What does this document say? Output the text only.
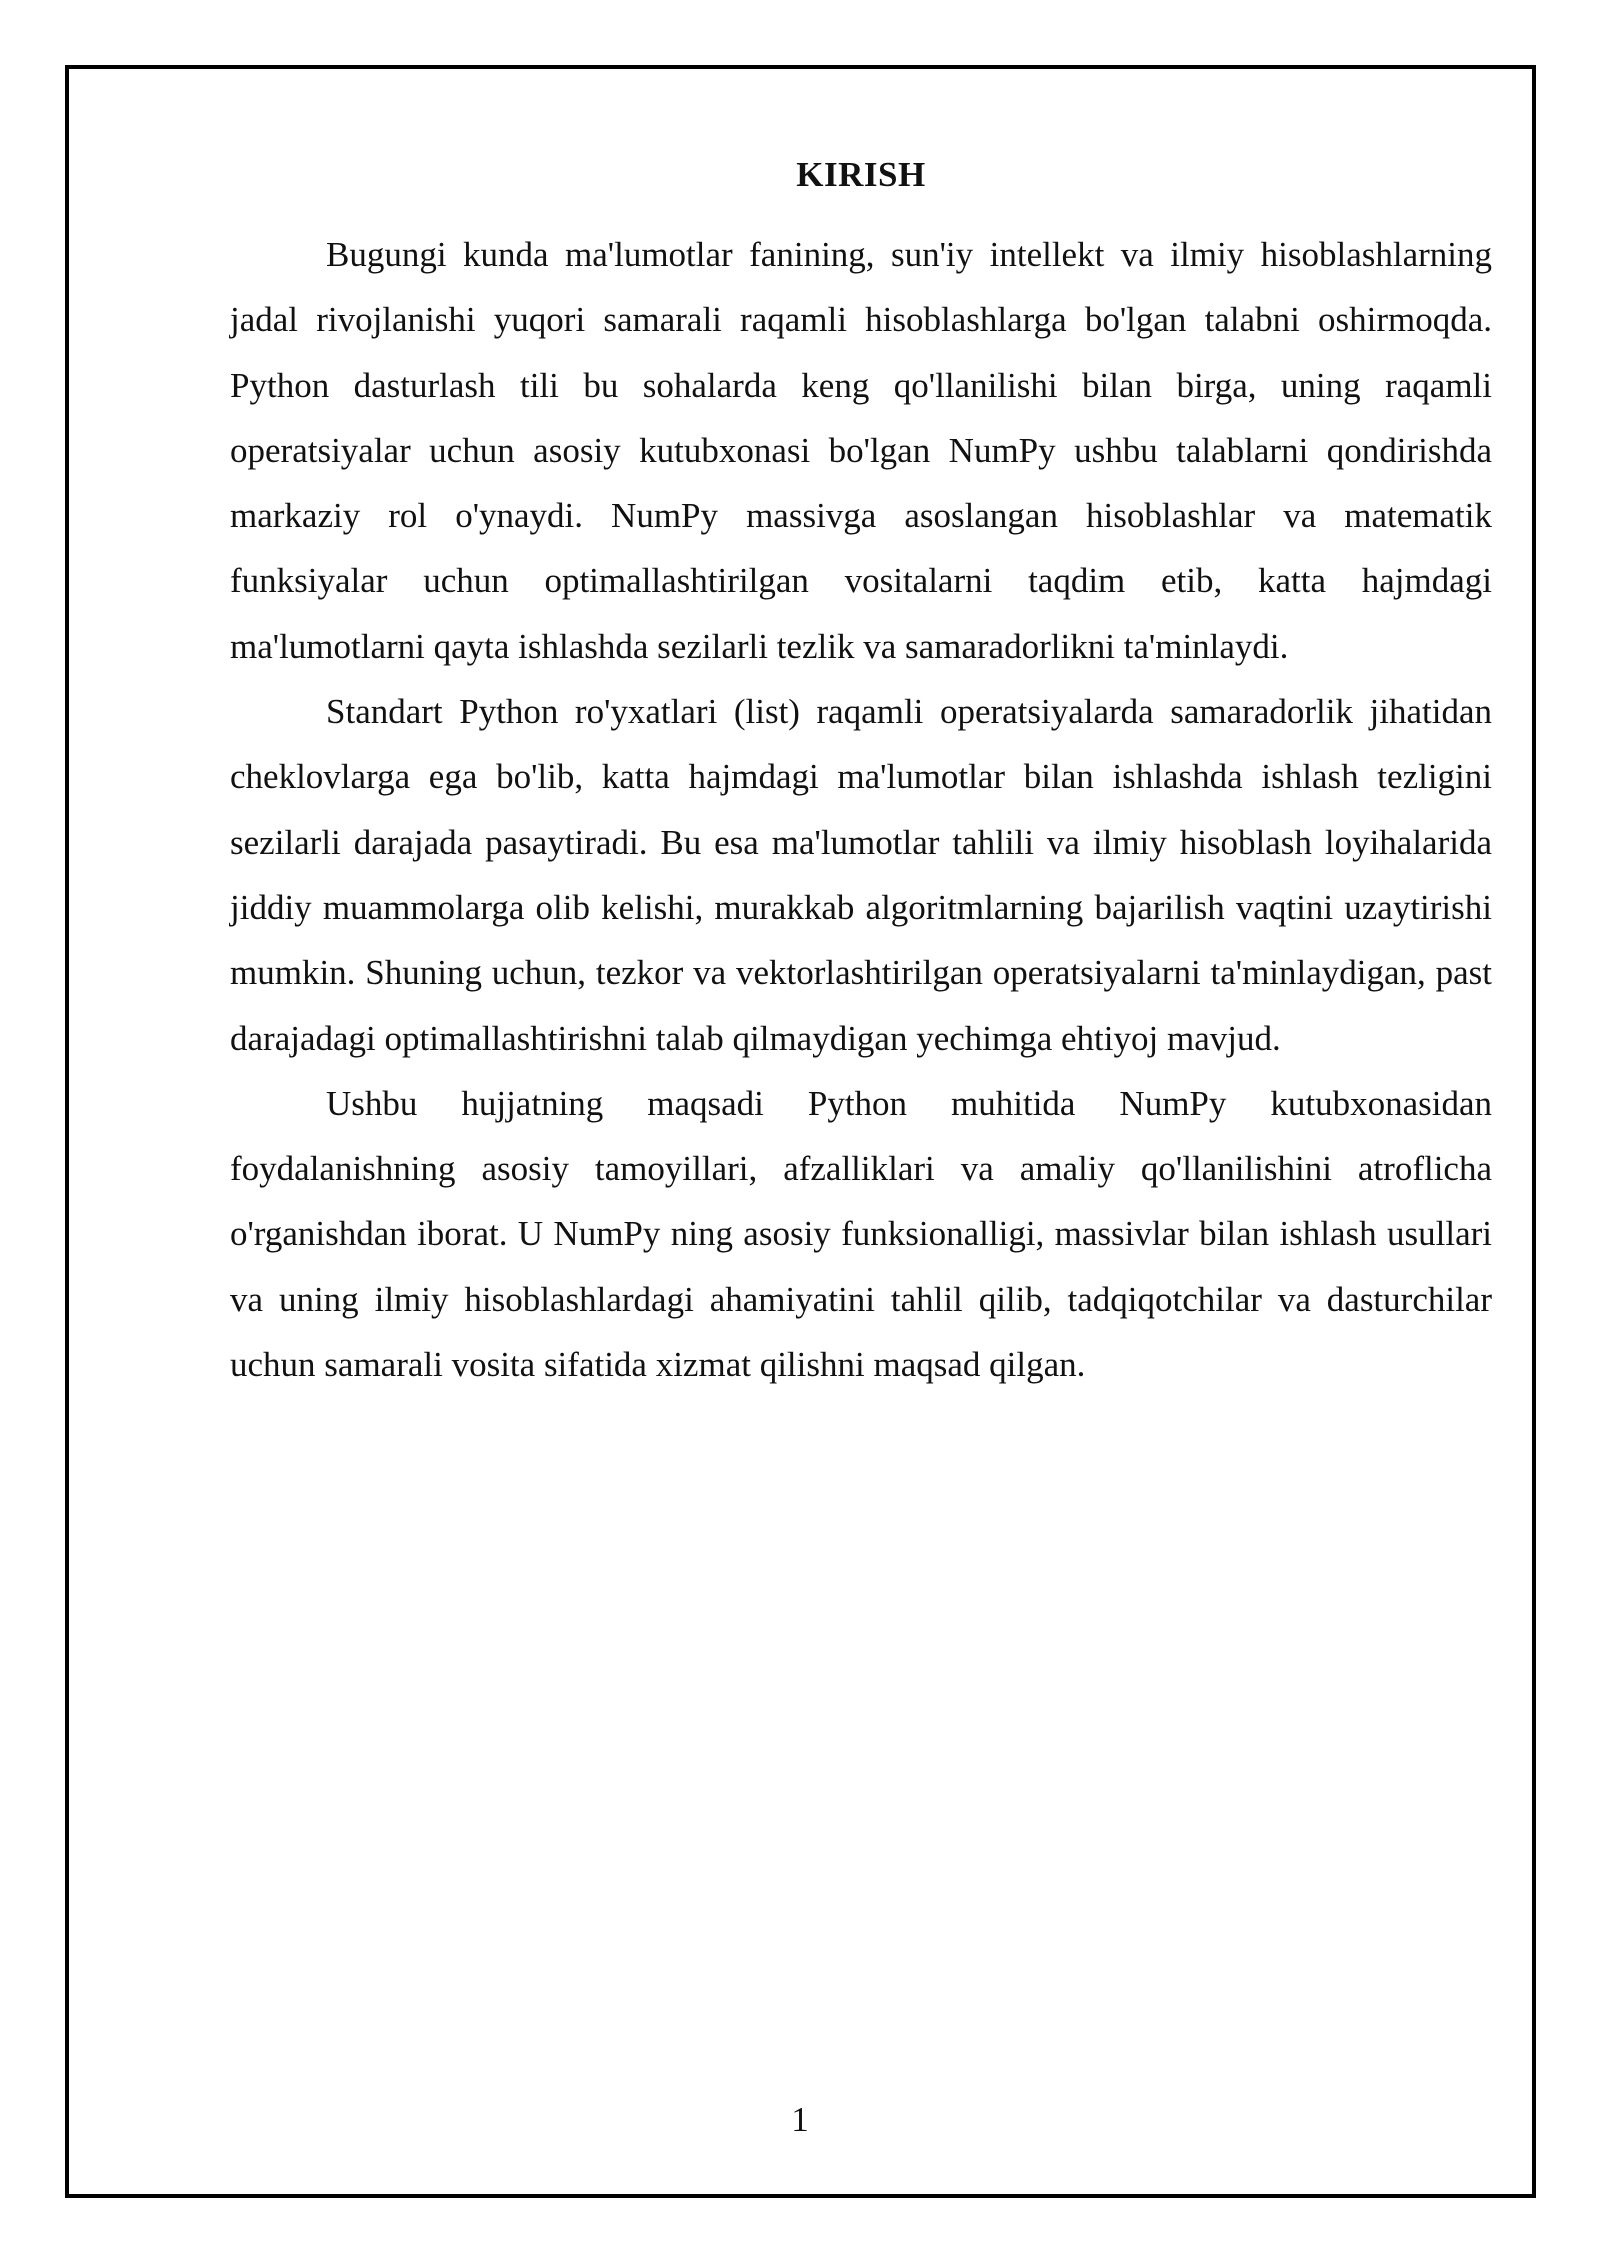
KIRISH

Bugungi kunda ma'lumotlar fanining, sun'iy intellekt va ilmiy hisoblashlarning jadal rivojlanishi yuqori samarali raqamli hisoblashlarga bo'lgan talabni oshirmoqda. Python dasturlash tili bu sohalarda keng qo'llanilishi bilan birga, uning raqamli operatsiyalar uchun asosiy kutubxonasi bo'lgan NumPy ushbu talablarni qondirishda markaziy rol o'ynaydi. NumPy massivga asoslangan hisoblashlar va matematik funksiyalar uchun optimallashtirilgan vositalarni taqdim etib, katta hajmdagi ma'lumotlarni qayta ishlashda sezilarli tezlik va samaradorlikni ta'minlaydi.

Standart Python ro'yxatlari (list) raqamli operatsiyalarda samaradorlik jihatidan cheklovlarga ega bo'lib, katta hajmdagi ma'lumotlar bilan ishlashda ishlash tezligini sezilarli darajada pasaytiradi. Bu esa ma'lumotlar tahlili va ilmiy hisoblash loyihalarida jiddiy muammolarga olib kelishi, murakkab algoritmlarning bajarilish vaqtini uzaytirishi mumkin. Shuning uchun, tezkor va vektorlashtirilgan operatsiyalarni ta'minlaydigan, past darajadagi optimallashtirishni talab qilmaydigan yechimga ehtiyoj mavjud.

Ushbu hujjatning maqsadi Python muhitida NumPy kutubxonasidan foydalanishning asosiy tamoyillari, afzalliklari va amaliy qo'llanilishini atroflicha o'rganishdan iborat. U NumPy ning asosiy funksionalligi, massivlar bilan ishlash usullari va uning ilmiy hisoblashlardagi ahamiyatini tahlil qilib, tadqiqotchilar va dasturchilar uchun samarali vosita sifatida xizmat qilishni maqsad qilgan.

1
